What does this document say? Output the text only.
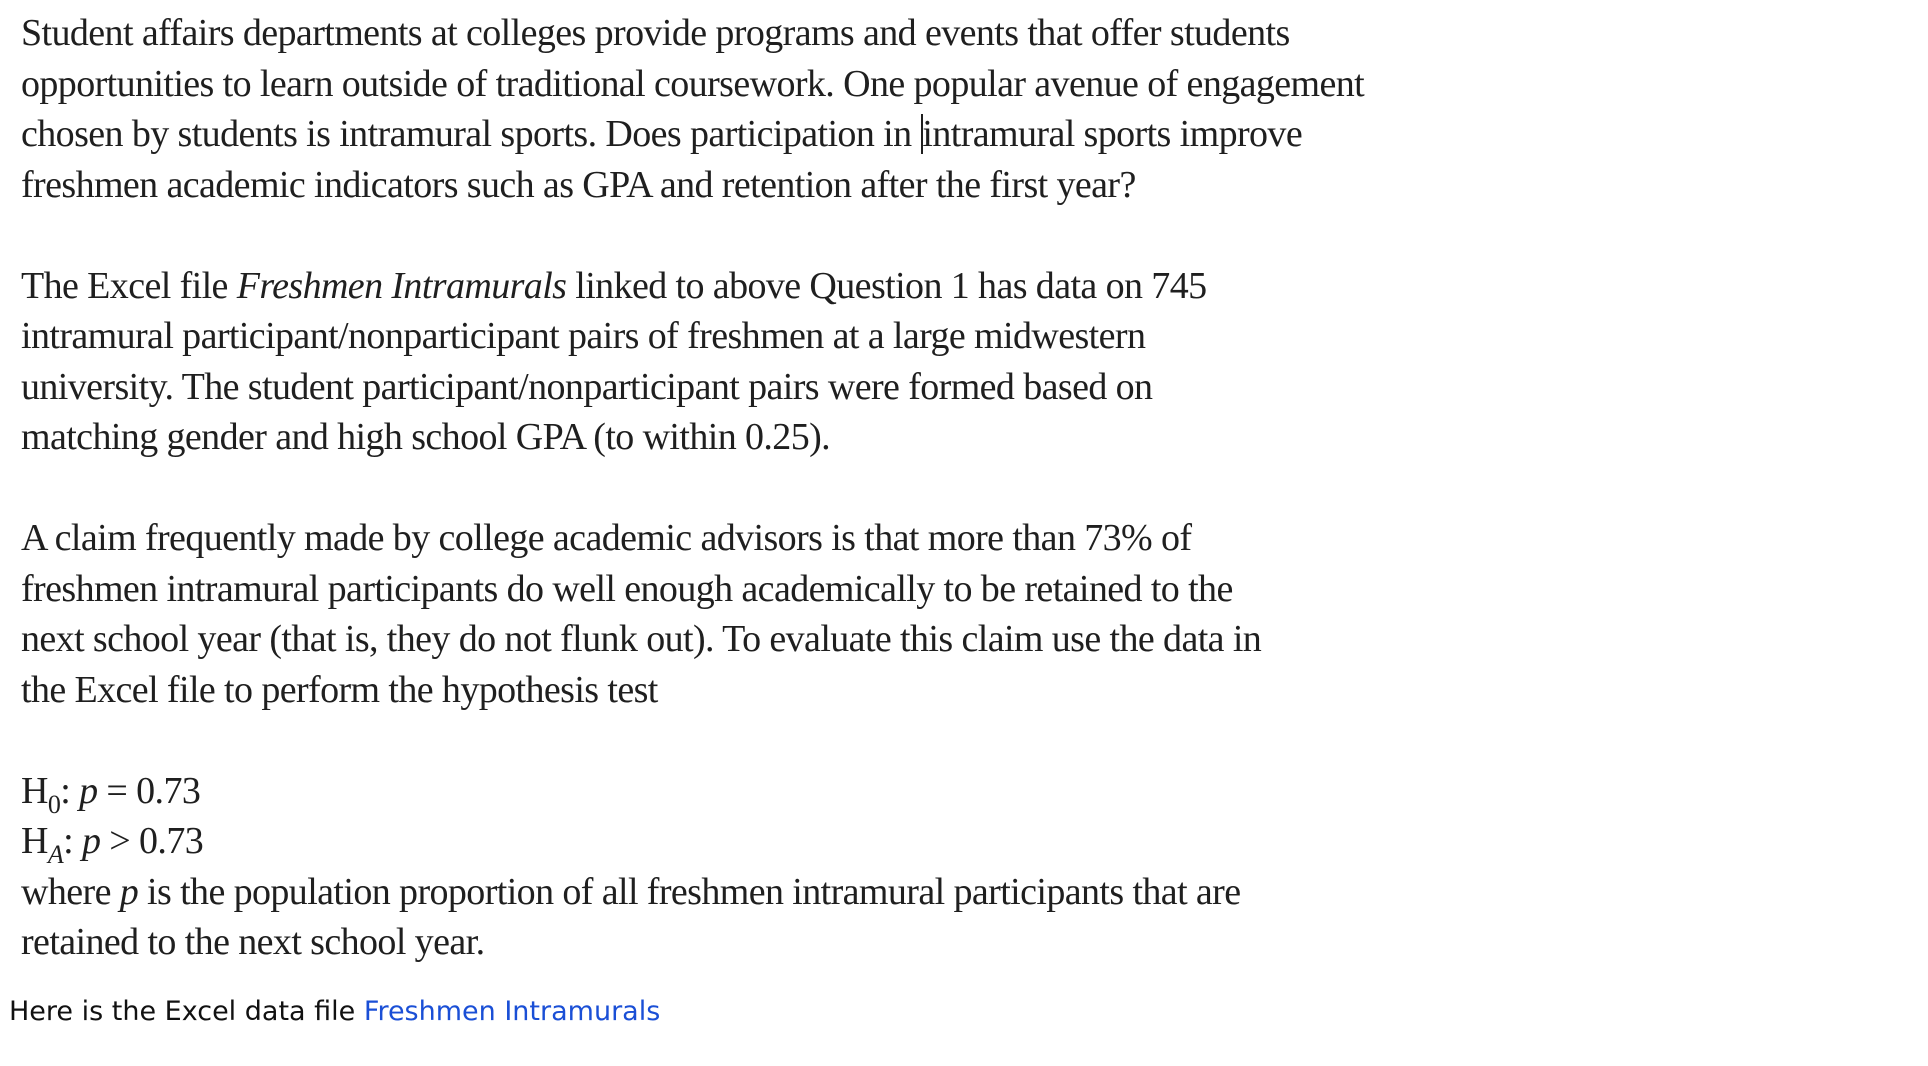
Student affairs departments at colleges provide programs and events that offer students
opportunities to learn outside of traditional coursework. One popular avenue of engagement
chosen by students is intramural sports. Does participation in intramural sports improve
freshmen academic indicators such as GPA and retention after the first year?
The Excel file Freshmen Intramurals linked to above Question 1 has data on 745
intramural participant/nonparticipant pairs of freshmen at a large midwestern
university. The student participant/nonparticipant pairs were formed based on
matching gender and high school GPA (to within 0.25).
A claim frequently made by college academic advisors is that more than 73% of
freshmen intramural participants do well enough academically to be retained to the
next school year (that is, they do not flunk out). To evaluate this claim use the data in
the Excel file to perform the hypothesis test
$H_0$: p = 0.73
$H_A$: p > 0.73
where p is the population proportion of all freshmen intramural participants that are
retained to the next school year.
Here is the Excel data file Freshmen Intramurals
